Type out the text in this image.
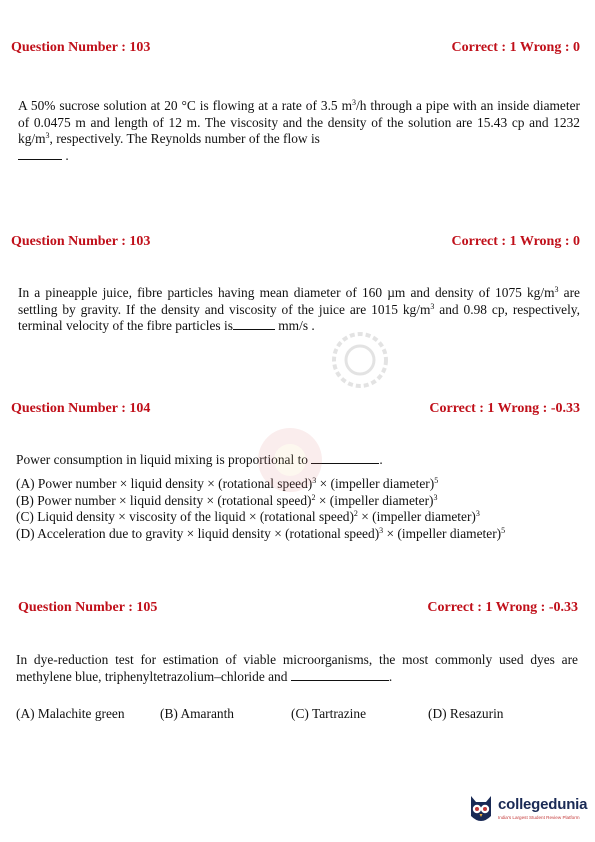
Question Number : 103	Correct : 1 Wrong : 0
A 50% sucrose solution at 20 °C is flowing at a rate of 3.5 $m^3/h$ through a pipe with an inside diameter of 0.0475 m and length of 12 m. The viscosity and the density of the solution are 15.43 cp and 1232 $kg/m^3$, respectively. The Reynolds number of the flow is
.
Question Number : 103	Correct : 1 Wrong : 0
In a pineapple juice, fibre particles having mean diameter of 160 µm and density of 1075 $kg/m^3$ are settling by gravity. If the density and viscosity of the juice are 1015 $kg/m^3$ and 0.98 cp, respectively, terminal velocity of the fibre particles is	mm/s .
Question Number : 104	Correct : 1 Wrong : -0.33
Power consumption in liquid mixing is proportional to	.
(A) Power number × liquid density × (rotational speed)$^3$ × (impeller diameter)$^5$
(B) Power number × liquid density × (rotational speed)$^2$ × (impeller diameter)$^3$
(C) Liquid density × viscosity of the liquid × (rotational speed)$^2$ × (impeller diameter)$^3$
(D) Acceleration due to gravity × liquid density × (rotational speed)$^3$ × (impeller diameter)$^5$
Question Number : 105	Correct : 1 Wrong : -0.33
In dye-reduction test for estimation of viable microorganisms, the most commonly used dyes are methylene blue, triphenyltetrazolium–chloride and	.
(A) Malachite green	(B) Amaranth	(C) Tartrazine	(D) Resazurin
collegedunia
India's Largest Student Review Platform
